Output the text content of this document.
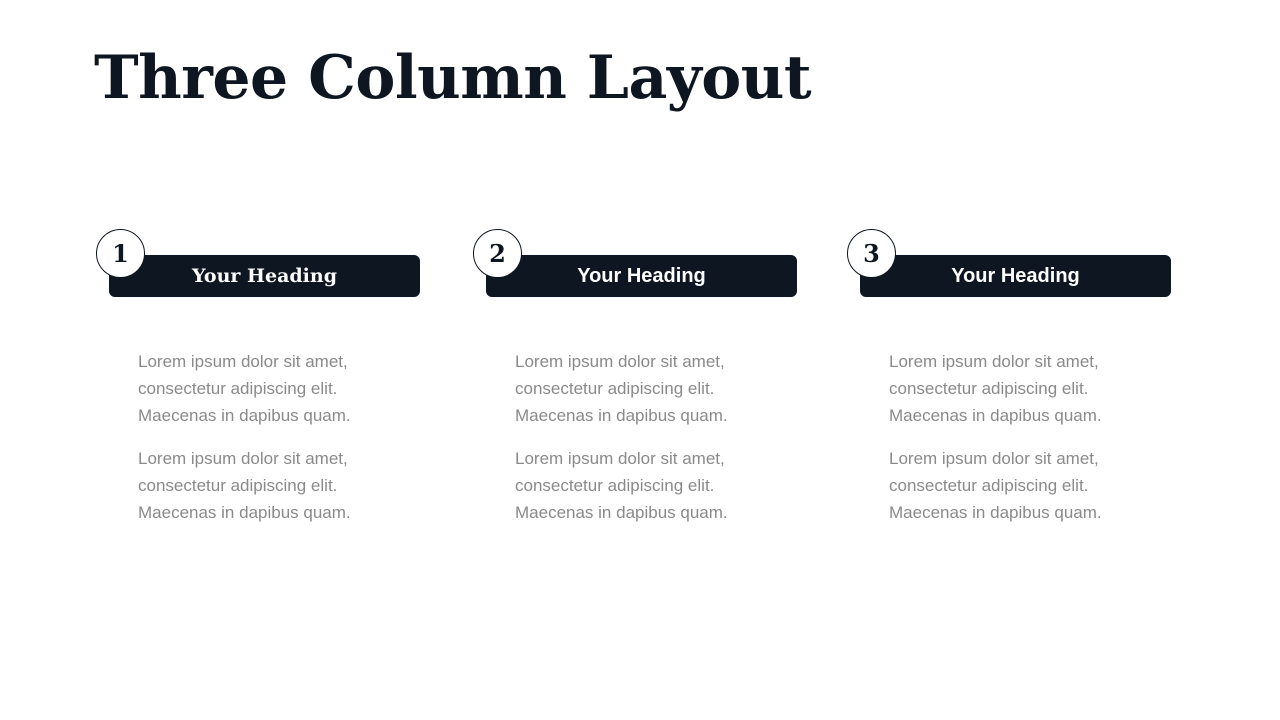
Three Column Layout
1
Your Heading

Lorem ipsum dolor sit amet,
consectetur adipiscing elit.
Maecenas in dapibus quam.

Lorem ipsum dolor sit amet,
consectetur adipiscing elit.
Maecenas in dapibus quam.

2
Your Heading

Lorem ipsum dolor sit amet,
consectetur adipiscing elit.
Maecenas in dapibus quam.

Lorem ipsum dolor sit amet,
consectetur adipiscing elit.
Maecenas in dapibus quam.

3
Your Heading

Lorem ipsum dolor sit amet,
consectetur adipiscing elit.
Maecenas in dapibus quam.

Lorem ipsum dolor sit amet,
consectetur adipiscing elit.
Maecenas in dapibus quam.
